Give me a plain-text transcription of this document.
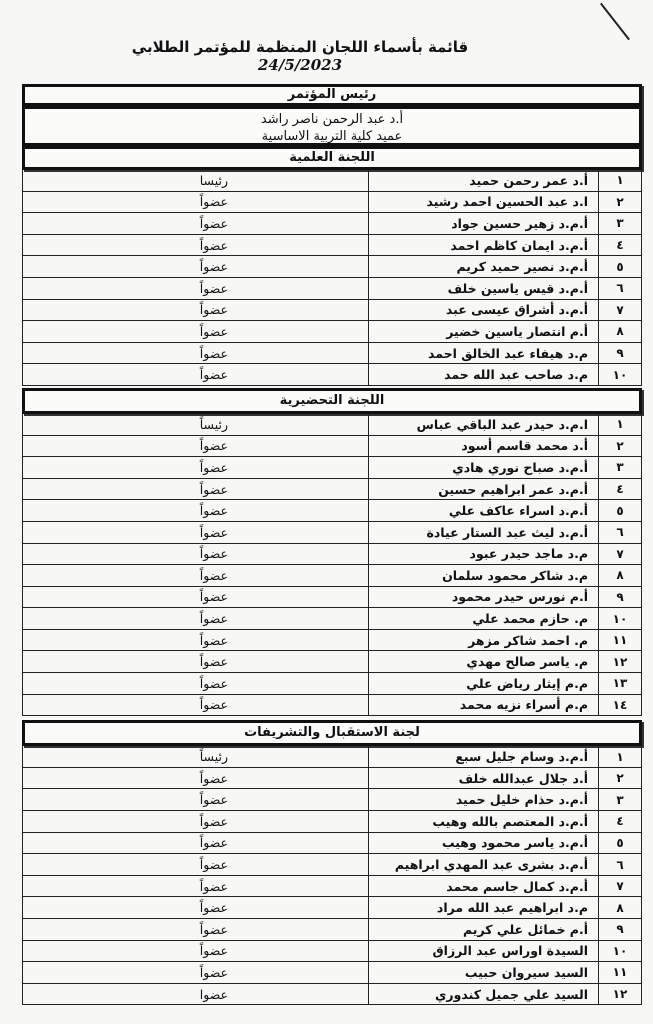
قائمة بأسماء اللجان المنظمة للمؤتمر الطلابي 24/5/2023
رئيس المؤتمر
أ.د عبد الرحمن ناصر راشد
عميد كلية التربية الاساسية
اللجنة العلمية
١
أ.د عمر رحمن حميد
رئيسا
٢
ا.د عبد الحسين احمد رشيد
عضواً
٣
أ.م.د زهير حسين جواد
عضواً
٤
أ.م.د ايمان كاظم احمد
عضواً
٥
أ.م.د نصير حميد كريم
عضواً
٦
أ.م.د قيس ياسين خلف
عضواً
٧
أ.م.د أشراق عيسى عبد
عضواً
٨
أ.م انتصار ياسين خضير
عضواً
٩
م.د هيفاء عبد الخالق احمد
عضواً
١٠
م.د صاحب عبد الله حمد
عضواً
اللجنة التحضيرية
١
ا.م.د حيدر عبد الباقي عباس
رئيساً
٢
أ.د محمد قاسم أسود
عضواً
٣
أ.م.د صباح نوري هادي
عضواً
٤
أ.م.د عمر ابراهيم حسين
عضواً
٥
أ.م.د اسراء عاكف علي
عضواً
٦
أ.م.د ليث عبد الستار عيادة
عضواً
٧
م.د ماجد حيدر عبود
عضواً
٨
م.د شاكر محمود سلمان
عضواً
٩
أ.م نورس حيدر محمود
عضواً
١٠
م. حازم محمد علي
عضواً
١١
م. احمد شاكر مزهر
عضواً
١٢
م. ياسر صالح مهدي
عضواً
١٣
م.م إيثار رياض علي
عضواً
١٤
م.م أسراء نزيه محمد
عضواً
لجنة الاستقبال والتشريفات
١
أ.م.د وسام جليل سبع
رئيساً
٢
أ.د جلال عبدالله خلف
عضواً
٣
أ.م.د حذام خليل حميد
عضواً
٤
أ.م.د المعتصم بالله وهيب
عضواً
٥
أ.م.د ياسر محمود وهيب
عضواً
٦
أ.م.د بشرى عبد المهدي ابراهيم
عضواً
٧
أ.م.د كمال جاسم محمد
عضواً
٨
م.د ابراهيم عبد الله مراد
عضواً
٩
أ.م خمائل علي كريم
عضواً
١٠
السيدة اوراس عبد الرزاق
عضواً
١١
السيد سيروان حبيب
عضواً
١٢
السيد علي جميل كندوري
عضوا
